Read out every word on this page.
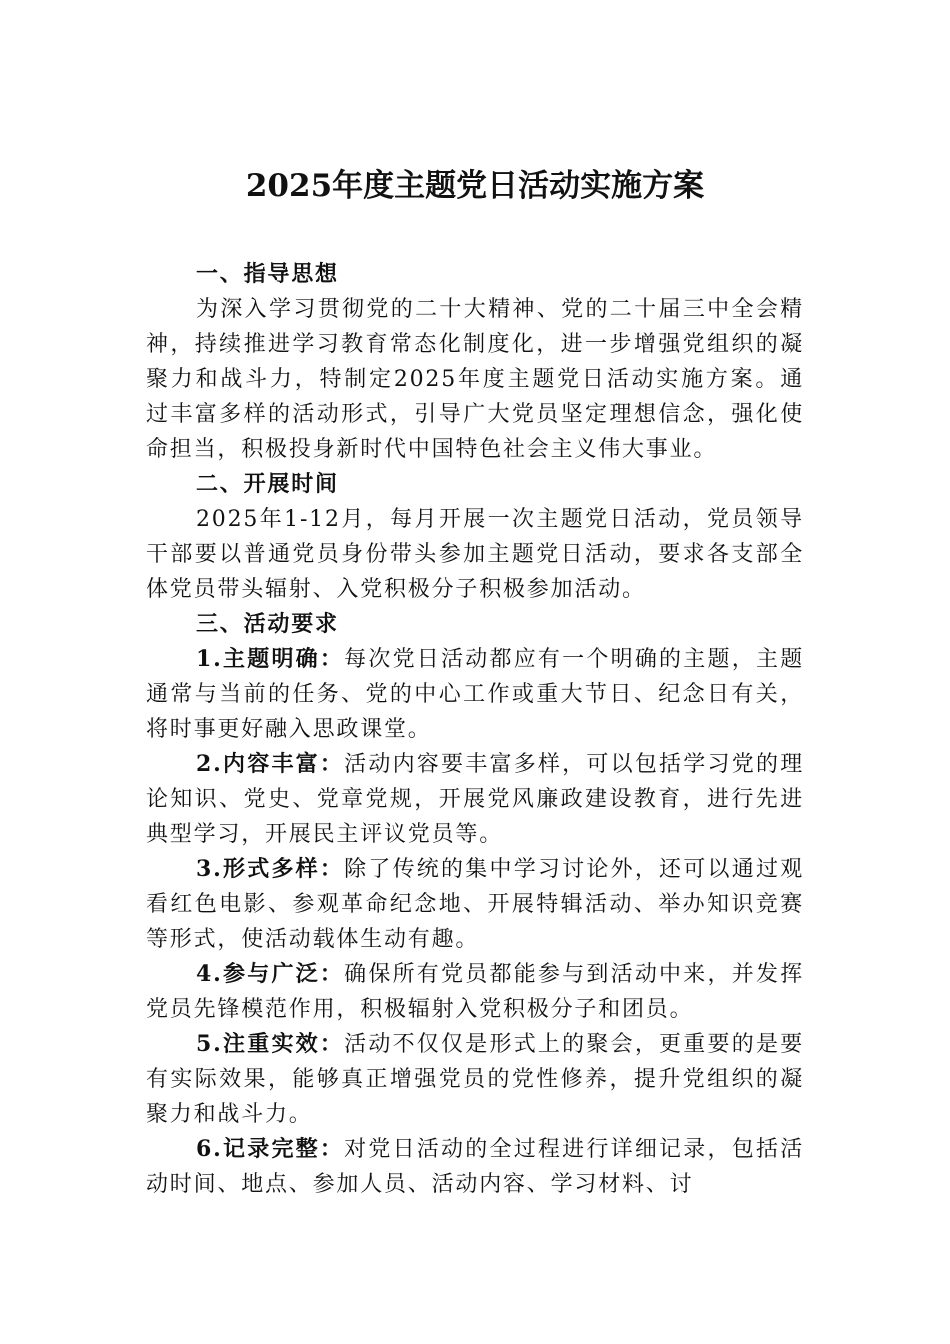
2025年度主题党日活动实施方案

一、指导思想

为深入学习贯彻党的二十大精神、党的二十届三中全会精神，持续推进学习教育常态化制度化，进一步增强党组织的凝聚力和战斗力，特制定2025年度主题党日活动实施方案。通过丰富多样的活动形式，引导广大党员坚定理想信念，强化使命担当，积极投身新时代中国特色社会主义伟大事业。

二、开展时间

2025年1-12月，每月开展一次主题党日活动，党员领导干部要以普通党员身份带头参加主题党日活动，要求各支部全体党员带头辐射、入党积极分子积极参加活动。

三、活动要求

1.主题明确：每次党日活动都应有一个明确的主题，主题通常与当前的任务、党的中心工作或重大节日、纪念日有关，将时事更好融入思政课堂。

2.内容丰富：活动内容要丰富多样，可以包括学习党的理论知识、党史、党章党规，开展党风廉政建设教育，进行先进典型学习，开展民主评议党员等。

3.形式多样：除了传统的集中学习讨论外，还可以通过观看红色电影、参观革命纪念地、开展特辑活动、举办知识竞赛等形式，使活动载体生动有趣。

4.参与广泛：确保所有党员都能参与到活动中来，并发挥党员先锋模范作用，积极辐射入党积极分子和团员。

5.注重实效：活动不仅仅是形式上的聚会，更重要的是要有实际效果，能够真正增强党员的党性修养，提升党组织的凝聚力和战斗力。

6.记录完整：对党日活动的全过程进行详细记录，包括活动时间、地点、参加人员、活动内容、学习材料、讨
